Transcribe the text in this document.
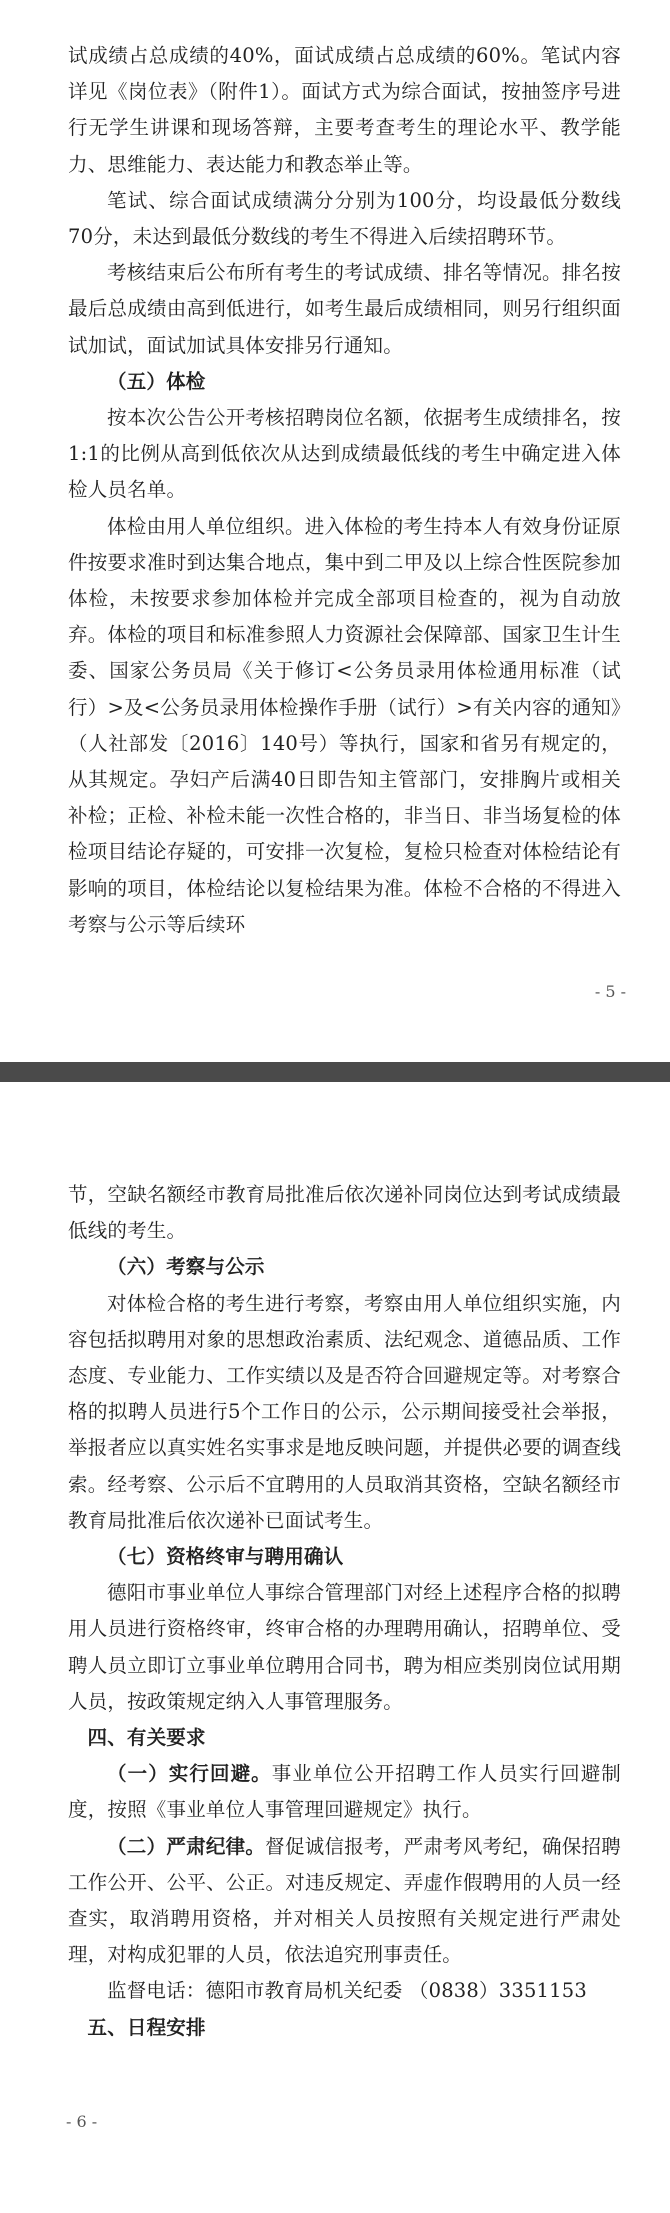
试成绩占总成绩的40%，面试成绩占总成绩的60%。笔试内容详见《岗位表》（附件1）。面试方式为综合面试，按抽签序号进行无学生讲课和现场答辩，主要考查考生的理论水平、教学能力、思维能力、表达能力和教态举止等。

笔试、综合面试成绩满分分别为100分，均设最低分数线70分，未达到最低分数线的考生不得进入后续招聘环节。

考核结束后公布所有考生的考试成绩、排名等情况。排名按最后总成绩由高到低进行，如考生最后成绩相同，则另行组织面试加试，面试加试具体安排另行通知。

（五）体检

按本次公告公开考核招聘岗位名额，依据考生成绩排名，按1:1的比例从高到低依次从达到成绩最低线的考生中确定进入体检人员名单。

体检由用人单位组织。进入体检的考生持本人有效身份证原件按要求准时到达集合地点，集中到二甲及以上综合性医院参加体检，未按要求参加体检并完成全部项目检查的，视为自动放弃。体检的项目和标准参照人力资源社会保障部、国家卫生计生委、国家公务员局《关于修订<公务员录用体检通用标准（试行）>及<公务员录用体检操作手册（试行）>有关内容的通知》（人社部发〔2016〕140号）等执行，国家和省另有规定的，从其规定。孕妇产后满40日即告知主管部门，安排胸片或相关补检；正检、补检未能一次性合格的，非当日、非当场复检的体检项目结论存疑的，可安排一次复检，复检只检查对体检结论有影响的项目，体检结论以复检结果为准。体检不合格的不得进入考察与公示等后续环

- 5 -

节，空缺名额经市教育局批准后依次递补同岗位达到考试成绩最低线的考生。

（六）考察与公示

对体检合格的考生进行考察，考察由用人单位组织实施，内容包括拟聘用对象的思想政治素质、法纪观念、道德品质、工作态度、专业能力、工作实绩以及是否符合回避规定等。对考察合格的拟聘人员进行5个工作日的公示，公示期间接受社会举报，举报者应以真实姓名实事求是地反映问题，并提供必要的调查线索。经考察、公示后不宜聘用的人员取消其资格，空缺名额经市教育局批准后依次递补已面试考生。

（七）资格终审与聘用确认

德阳市事业单位人事综合管理部门对经上述程序合格的拟聘用人员进行资格终审，终审合格的办理聘用确认，招聘单位、受聘人员立即订立事业单位聘用合同书，聘为相应类别岗位试用期人员，按政策规定纳入人事管理服务。

四、有关要求

（一）实行回避。事业单位公开招聘工作人员实行回避制度，按照《事业单位人事管理回避规定》执行。

（二）严肃纪律。督促诚信报考，严肃考风考纪，确保招聘工作公开、公平、公正。对违反规定、弄虚作假聘用的人员一经查实，取消聘用资格，并对相关人员按照有关规定进行严肃处理，对构成犯罪的人员，依法追究刑事责任。

监督电话：德阳市教育局机关纪委 （0838）3351153

五、日程安排

- 6 -
